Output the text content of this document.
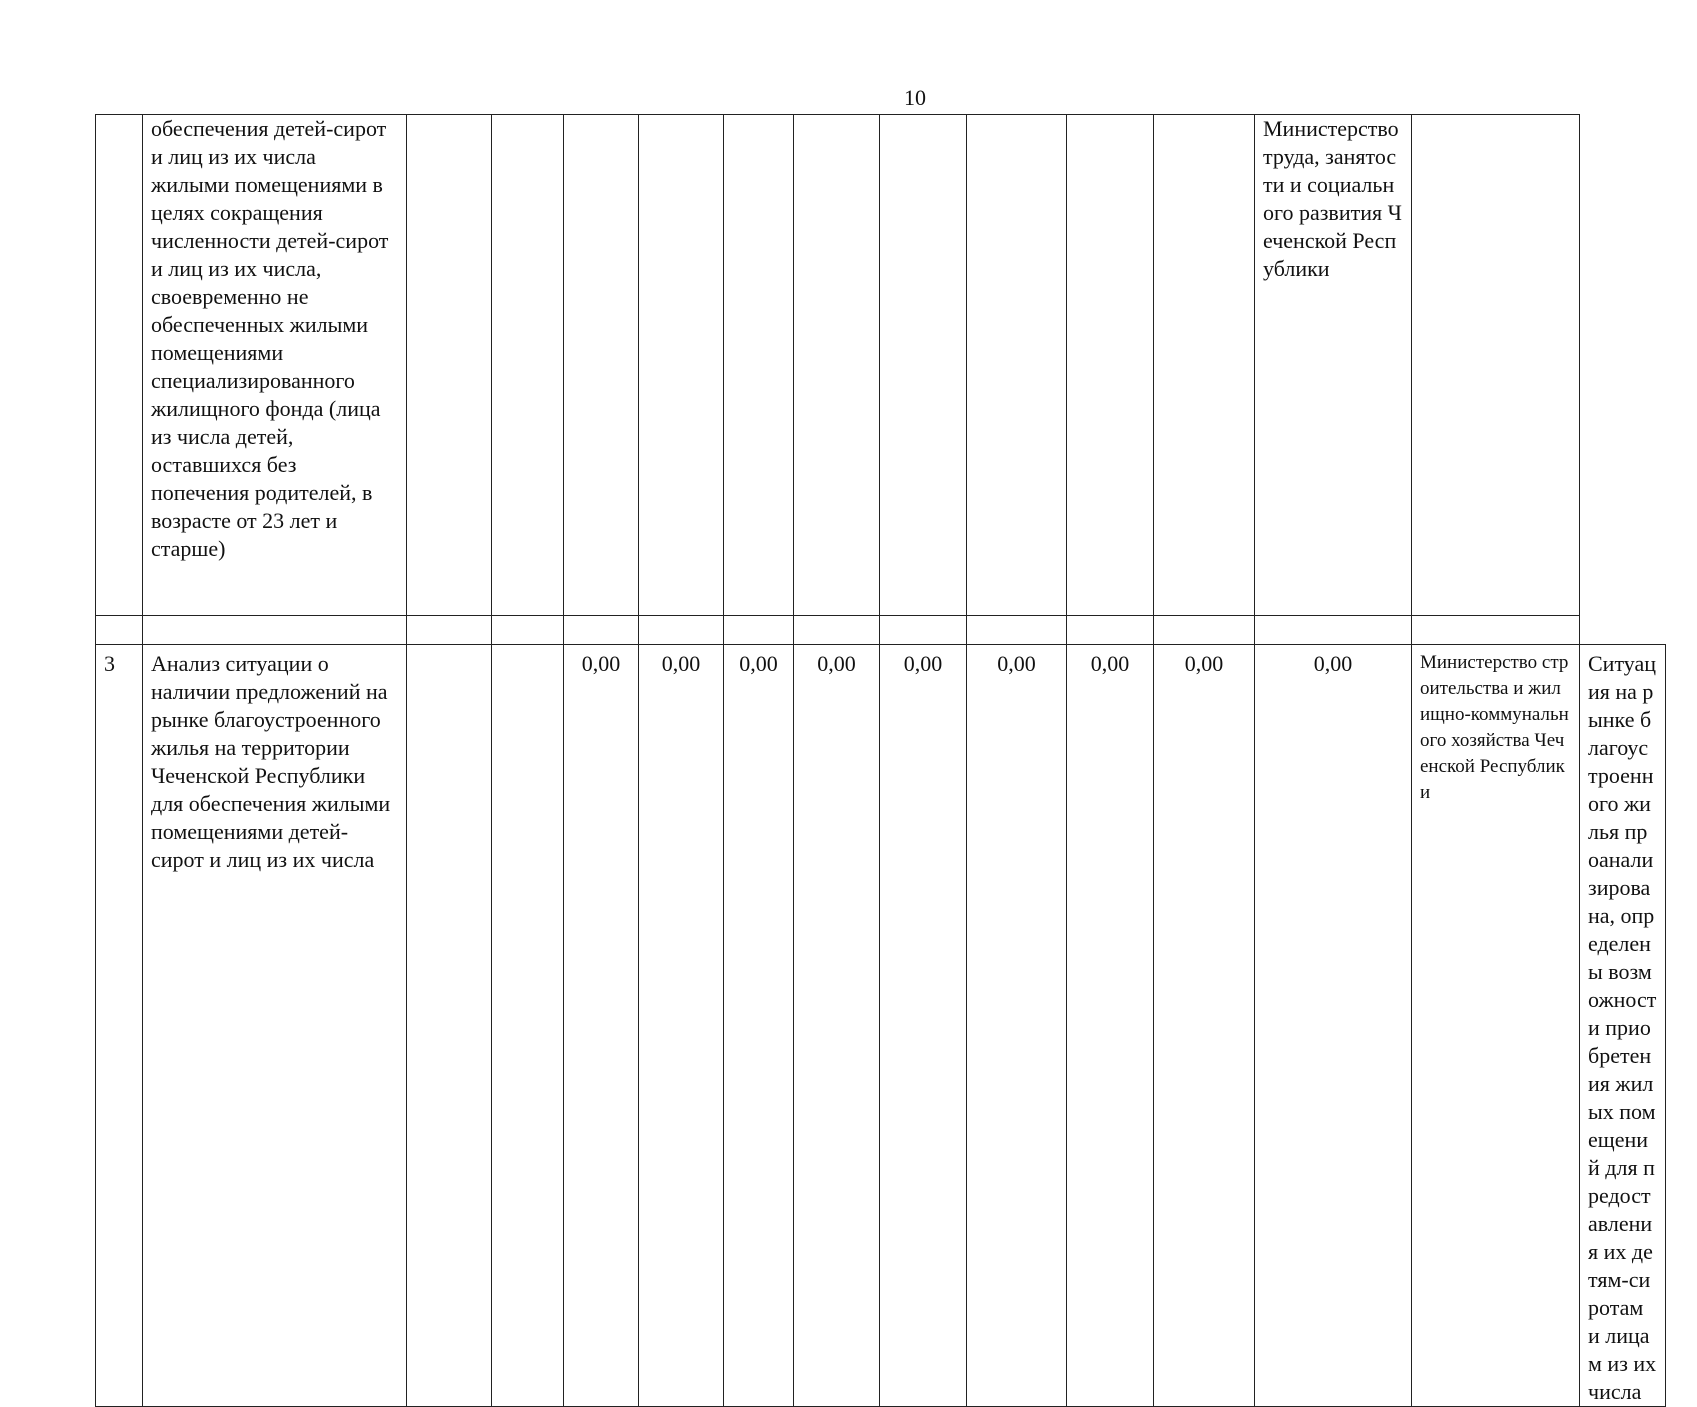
10

	обеспечения детей-сирот и лиц из их числа жилыми помещениями в целях сокращения численности детей-сирот и лиц из их числа, своевременно не обеспеченных жилыми помещениями специализированного жилищного фонда (лица из числа детей, оставшихся без попечения родителей, в возрасте от 23 лет и старше)											Министерство труда, занятости и социального развития Чеченской Республики		

3	Анализ ситуации о наличии предложений на рынке благоустроенного жилья на территории Чеченской Республики для обеспечения жилыми помещениями детей-сирот и лиц из их числа			0,00	0,00	0,00	0,00	0,00	0,00	0,00	0,00	0,00	Министерство строительства и жилищно-коммунального хозяйства Чеченской Республики	Ситуация на рынке благоустроенного жилья проанализирована, определены возможности приобретения жилых помещений для предоставления их детям-сиротам и лицам из их числа
